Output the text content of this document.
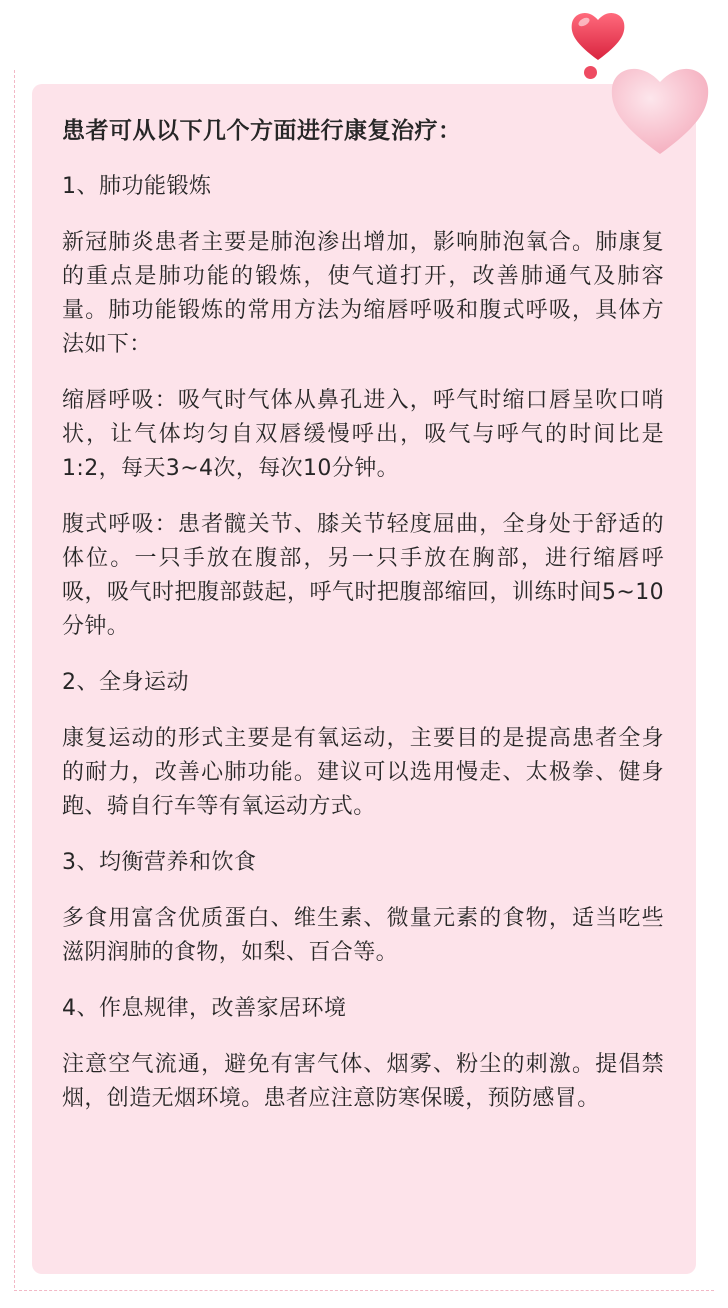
患者可从以下几个方面进行康复治疗：
1、肺功能锻炼
新冠肺炎患者主要是肺泡渗出增加，影响肺泡氧合。肺康复的重点是肺功能的锻炼，使气道打开，改善肺通气及肺容量。肺功能锻炼的常用方法为缩唇呼吸和腹式呼吸，具体方法如下：
缩唇呼吸：吸气时气体从鼻孔进入，呼气时缩口唇呈吹口哨状，让气体均匀自双唇缓慢呼出，吸气与呼气的时间比是1:2，每天3~4次，每次10分钟。
腹式呼吸：患者髋关节、膝关节轻度屈曲，全身处于舒适的体位。一只手放在腹部，另一只手放在胸部，进行缩唇呼吸，吸气时把腹部鼓起，呼气时把腹部缩回，训练时间5~10分钟。
2、全身运动
康复运动的形式主要是有氧运动，主要目的是提高患者全身的耐力，改善心肺功能。建议可以选用慢走、太极拳、健身跑、骑自行车等有氧运动方式。
3、均衡营养和饮食
多食用富含优质蛋白、维生素、微量元素的食物，适当吃些滋阴润肺的食物，如梨、百合等。
4、作息规律，改善家居环境
注意空气流通，避免有害气体、烟雾、粉尘的刺激。提倡禁烟，创造无烟环境。患者应注意防寒保暖，预防感冒。
